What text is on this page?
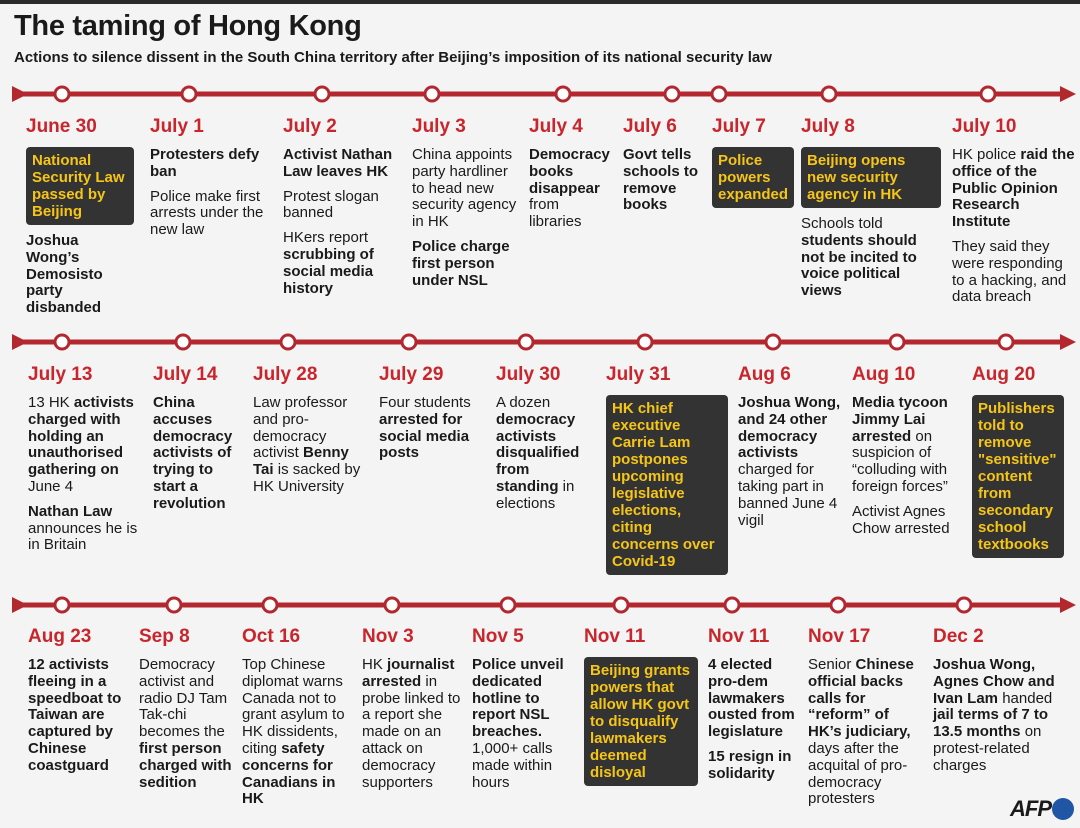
The taming of Hong Kong
Actions to silence dissent in the South China territory after Beijing’s imposition of its national security law
June 30

National Security Law passed by Beijing

Joshua Wong’s Demosisto party disbanded

July 1

Protesters defy ban

Police make first arrests under the new law

July 2

Activist Nathan Law leaves HK

Protest slogan banned

HKers report scrubbing of social media history

July 3

China appoints party hardliner to head new security agency in HK

Police charge first person under NSL

July 4

Democracy books disappear from libraries

July 6

Govt tells schools to remove books

July 7

Police powers expanded

July 8

Beijing opens new security agency in HK

Schools told students should not be incited to voice political views

July 10

HK police raid the office of the Public Opinion Research Institute

They said they were responding to a hacking, and data breach

July 13

13 HK activists charged with holding an unauthorised gathering on June 4

Nathan Law announces he is in Britain

July 14

China accuses democracy activists of trying to start a revolution

July 28

Law professor and pro-democracy activist Benny Tai is sacked by HK University

July 29

Four students arrested for social media posts

July 30

A dozen democracy activists disqualified from standing in elections

July 31

HK chief executive Carrie Lam postpones upcoming legislative elections, citing concerns over Covid-19

Aug 6

Joshua Wong, and 24 other democracy activists charged for taking part in banned June 4 vigil

Aug 10

Media tycoon Jimmy Lai arrested on suspicion of “colluding with foreign forces”

Activist Agnes Chow arrested

Aug 20

Publishers told to remove "sensitive" content from secondary school textbooks

Aug 23

12 activists fleeing in a speedboat to Taiwan are captured by Chinese coastguard

Sep 8

Democracy activist and radio DJ Tam Tak-chi becomes the first person charged with sedition

Oct 16

Top Chinese diplomat warns Canada not to grant asylum to HK dissidents, citing safety concerns for Canadians in HK

Nov 3

HK journalist arrested in probe linked to a report she made on an attack on democracy supporters

Nov 5

Police unveil dedicated hotline to report NSL breaches. 1,000+ calls made within hours

Nov 11

Beijing grants powers that allow HK govt to disqualify lawmakers deemed disloyal

Nov 11

4 elected pro-dem lawmakers ousted from legislature

15 resign in solidarity

Nov 17

Senior Chinese official backs calls for “reform” of HK’s judiciary, days after the acquital of pro-democracy protesters

Dec 2

Joshua Wong, Agnes Chow and Ivan Lam handed jail terms of 7 to 13.5 months on protest-related charges

AFP
